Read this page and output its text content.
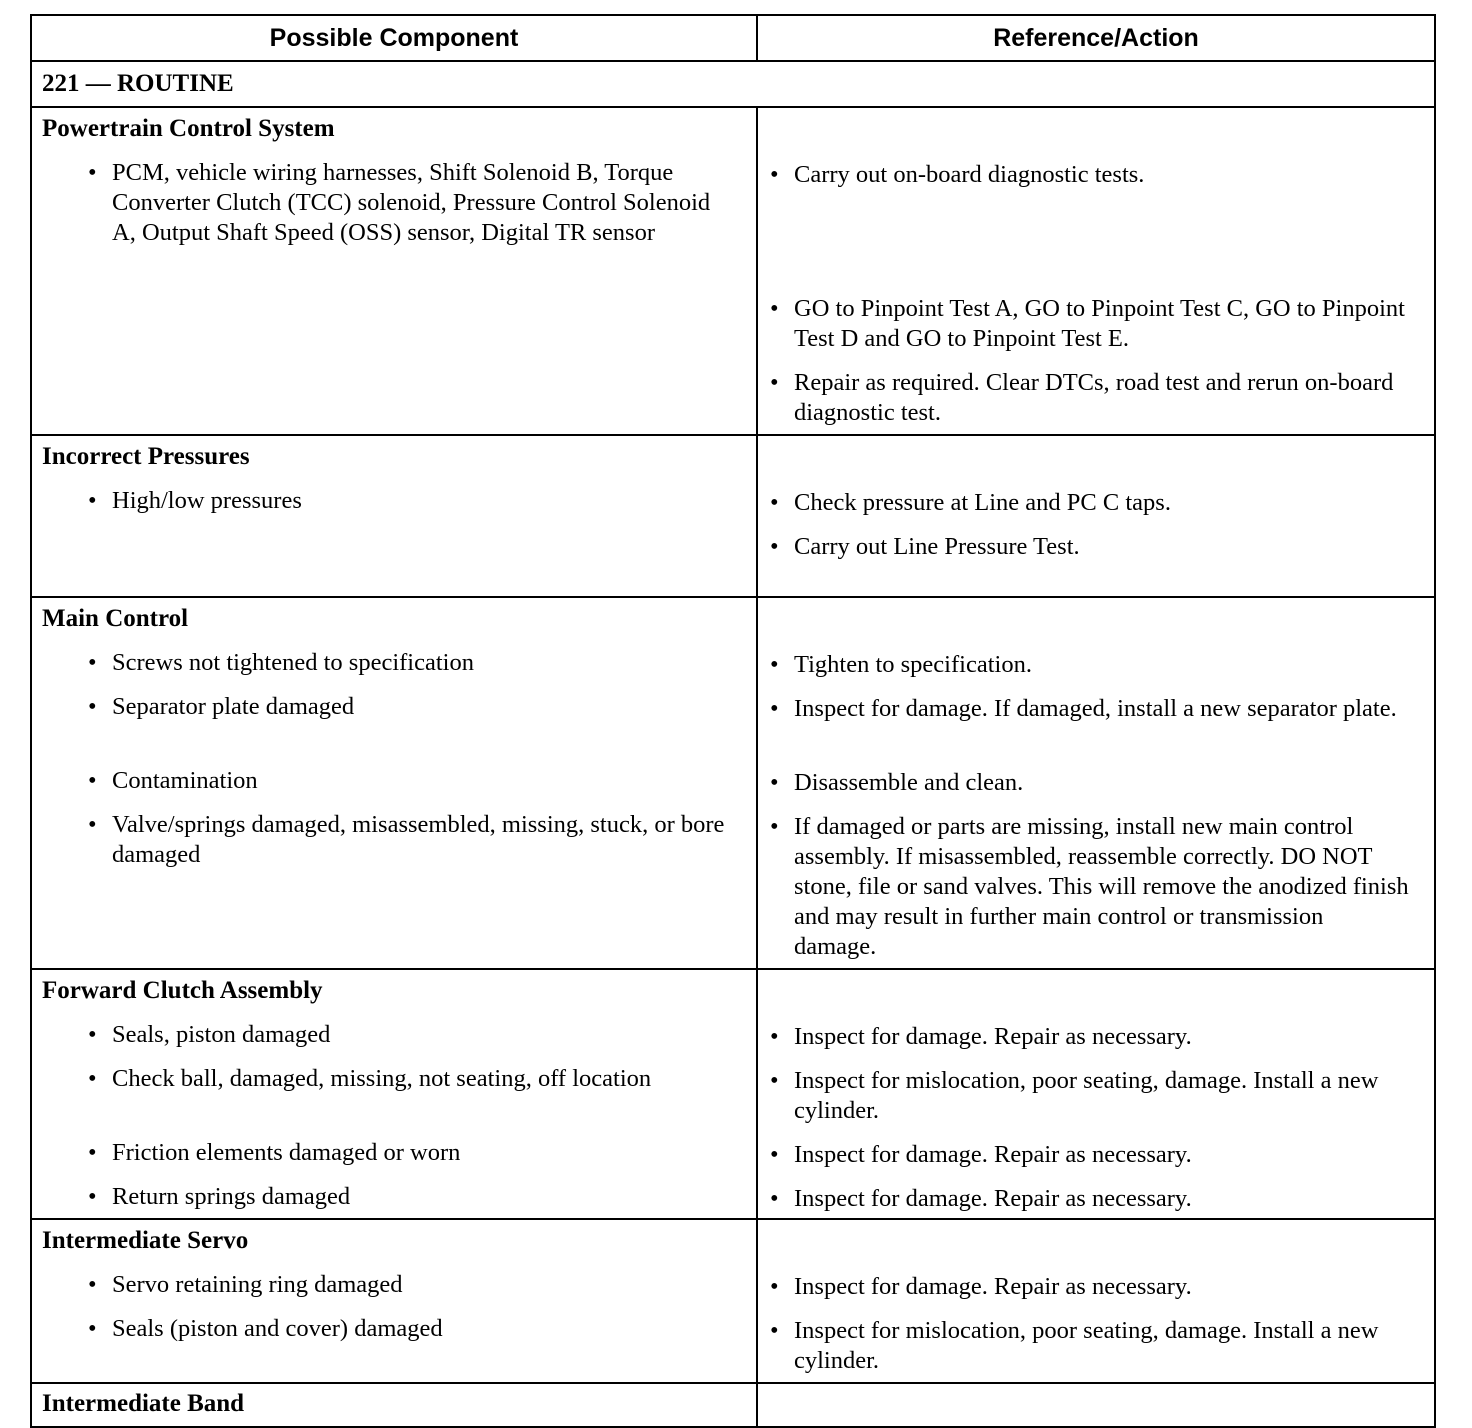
Possible Component	Reference/Action
221 — ROUTINE
Powertrain Control System
• PCM, vehicle wiring harnesses, Shift Solenoid B, Torque Converter Clutch (TCC) solenoid, Pressure Control Solenoid A, Output Shaft Speed (OSS) sensor, Digital TR sensor
• Carry out on-board diagnostic tests.
• GO to Pinpoint Test A, GO to Pinpoint Test C, GO to Pinpoint Test D and GO to Pinpoint Test E.
• Repair as required. Clear DTCs, road test and rerun on-board diagnostic test.
Incorrect Pressures
• High/low pressures	• Check pressure at Line and PC C taps.
• Carry out Line Pressure Test.
Main Control
• Screws not tightened to specification
• Separator plate damaged
• Contamination
• Valve/springs damaged, misassembled, missing, stuck, or bore damaged
• Tighten to specification.
• Inspect for damage. If damaged, install a new separator plate.
• Disassemble and clean.
• If damaged or parts are missing, install new main control assembly. If misassembled, reassemble correctly. DO NOT stone, file or sand valves. This will remove the anodized finish and may result in further main control or transmission damage.
Forward Clutch Assembly
• Seals, piston damaged
• Check ball, damaged, missing, not seating, off location
• Friction elements damaged or worn
• Return springs damaged
• Inspect for damage. Repair as necessary.
• Inspect for mislocation, poor seating, damage. Install a new cylinder.
• Inspect for damage. Repair as necessary.
• Inspect for damage. Repair as necessary.
Intermediate Servo
• Servo retaining ring damaged
• Seals (piston and cover) damaged
• Inspect for damage. Repair as necessary.
• Inspect for mislocation, poor seating, damage. Install a new cylinder.
Intermediate Band
